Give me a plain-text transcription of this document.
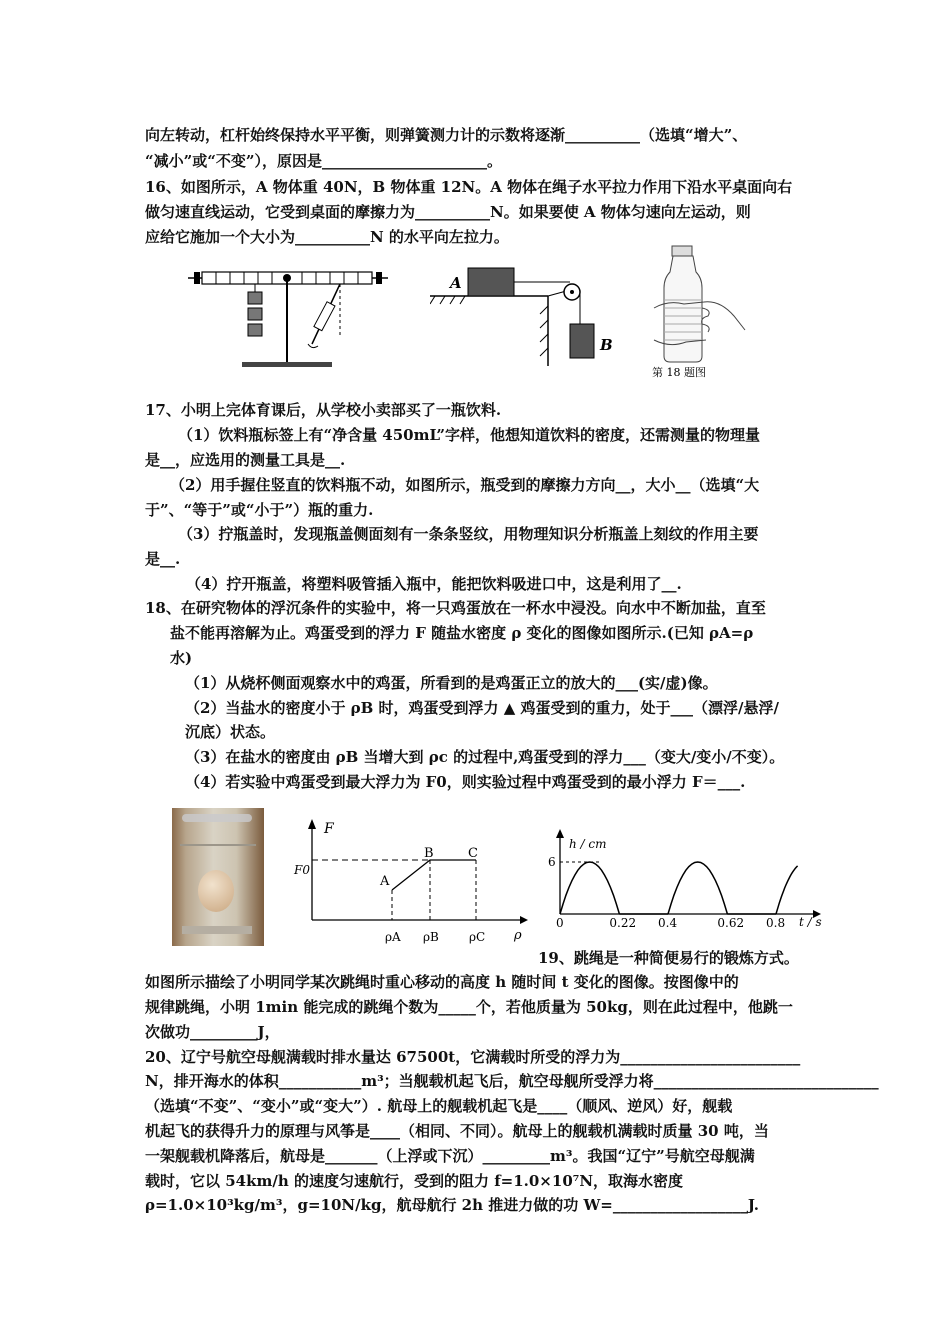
向左转动，杠杆始终保持水平平衡，则弹簧测力计的示数将逐渐__________（选填“增大”、
“减小”或“不变”），原因是______________________。
16、如图所示，A 物体重 40N，B 物体重 12N。A 物体在绳子水平拉力作用下沿水平桌面向右
做匀速直线运动，它受到桌面的摩擦力为__________N。如果要使 A 物体匀速向左运动，则
应给它施加一个大小为__________N 的水平向左拉力。
17、小明上完体育课后，从学校小卖部买了一瓶饮料.
（1）饮料瓶标签上有“净含量 450mL”字样，他想知道饮料的密度，还需测量的物理量
是__，应选用的测量工具是__.
（2）用手握住竖直的饮料瓶不动，如图所示，瓶受到的摩擦力方向__，大小__（选填“大
于”、“等于”或“小于”）瓶的重力.
（3）拧瓶盖时，发现瓶盖侧面刻有一条条竖纹，用物理知识分析瓶盖上刻纹的作用主要
是__.
（4）拧开瓶盖，将塑料吸管插入瓶中，能把饮料吸进口中，这是利用了__.
18、在研究物体的浮沉条件的实验中，将一只鸡蛋放在一杯水中浸没。向水中不断加盐，直至
盐不能再溶解为止。鸡蛋受到的浮力 F 随盐水密度 ρ 变化的图像如图所示.(已知 ρA=ρ
水)
（1）从烧杯侧面观察水中的鸡蛋，所看到的是鸡蛋正立的放大的___(实/虚)像。
（2）当盐水的密度小于 ρB 时，鸡蛋受到浮力 ▲ 鸡蛋受到的重力，处于___（漂浮/悬浮/
沉底）状态。
（3）在盐水的密度由 ρB 当增大到 ρc 的过程中,鸡蛋受到的浮力___（变大/变小/不变）。
（4）若实验中鸡蛋受到最大浮力为 F0，则实验过程中鸡蛋受到的最小浮力 F＝___.
19、跳绳是一种简便易行的锻炼方式。
如图所示描绘了小明同学某次跳绳时重心移动的高度 h 随时间 t 变化的图像。按图像中的
规律跳绳，小明 1min 能完成的跳绳个数为_____个，若他质量为 50kg，则在此过程中，他跳一
次做功_________J，
20、辽宁号航空母舰满载时排水量达 67500t，它满载时所受的浮力为________________________
N，排开海水的体积___________m³；当舰载机起飞后，航空母舰所受浮力将______________________________
（选填“不变”、“变小”或“变大”）. 航母上的舰载机起飞是____（顺风、逆风）好，舰载
机起飞的获得升力的原理与风筝是____（相同、不同）。航母上的舰载机满载时质量 30 吨，当
一架舰载机降落后，航母是_______（上浮或下沉）_________m³。我国“辽宁”号航空母舰满
载时，它以 54km/h 的速度匀速航行，受到的阻力 f=1.0×10⁷N，取海水密度
ρ=1.0×10³kg/m³，g=10N/kg，航母航行 2h 推进力做的功 W=__________________J.
A
B
第 18 题图
F
ρ
F0
A
B	C
ρA ρB	ρC
h / cm
t / s
6
0	0.22 0.4	0.62 0.8
